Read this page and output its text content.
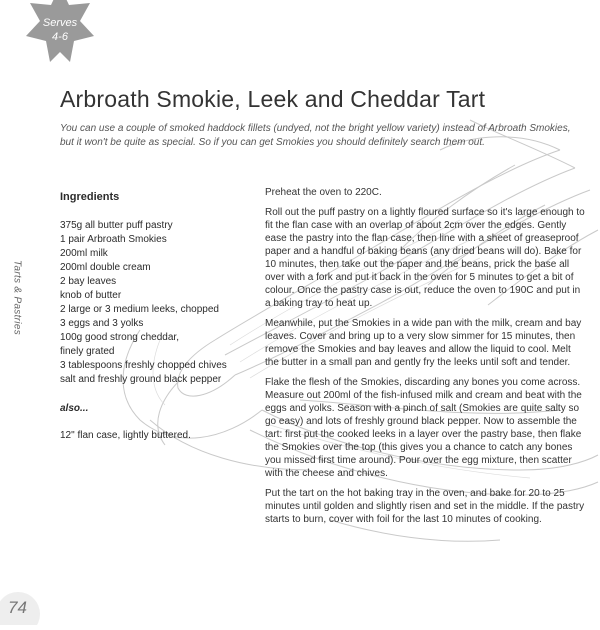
Serves
4-6
Tarts & Pastries
Arbroath Smokie, Leek and Cheddar Tart

You can use a couple of smoked haddock fillets (undyed, not the bright yellow variety) instead of Arbroath Smokies, but it won't be quite as special. So if you can get Smokies you should definitely search them out.

Ingredients
375g all butter puff pastry
1 pair Arbroath Smokies
200ml milk
200ml double cream
2 bay leaves
knob of butter
2 large or 3 medium leeks, chopped
3 eggs and 3 yolks
100g good strong cheddar,
finely grated
3 tablespoons freshly chopped chives
salt and freshly ground black pepper
also...

12" flan case, lightly buttered.

Preheat the oven to 220C.

Roll out the puff pastry on a lightly floured surface so it's large enough to fit the flan case with an overlap of about 2cm over the edges. Gently ease the pastry into the flan case, then line with a sheet of greaseproof paper and a handful of baking beans (any dried beans will do). Bake for 10 minutes, then take out the paper and the beans, prick the base all over with a fork and put it back in the oven for 5 minutes to get a bit of colour. Once the pastry case is out, reduce the oven to 190C and put in a baking tray to heat up.

Meanwhile, put the Smokies in a wide pan with the milk, cream and bay leaves. Cover and bring up to a very slow simmer for 15 minutes, then remove the Smokies and bay leaves and allow the liquid to cool. Melt the butter in a small pan and gently fry the leeks until soft and tender.

Flake the flesh of the Smokies, discarding any bones you come across. Measure out 200ml of the fish-infused milk and cream and beat with the eggs and yolks. Season with a pinch of salt (Smokies are quite salty so go easy) and lots of freshly ground black pepper. Now to assemble the tart: first put the cooked leeks in a layer over the pastry base, then flake the Smokies over the top (this gives you a chance to catch any bones you missed first time around). Pour over the egg mixture, then scatter with the cheese and chives.

Put the tart on the hot baking tray in the oven, and bake for 20 to 25 minutes until golden and slightly risen and set in the middle. If the pastry starts to burn, cover with foil for the last 10 minutes of cooking.

74
